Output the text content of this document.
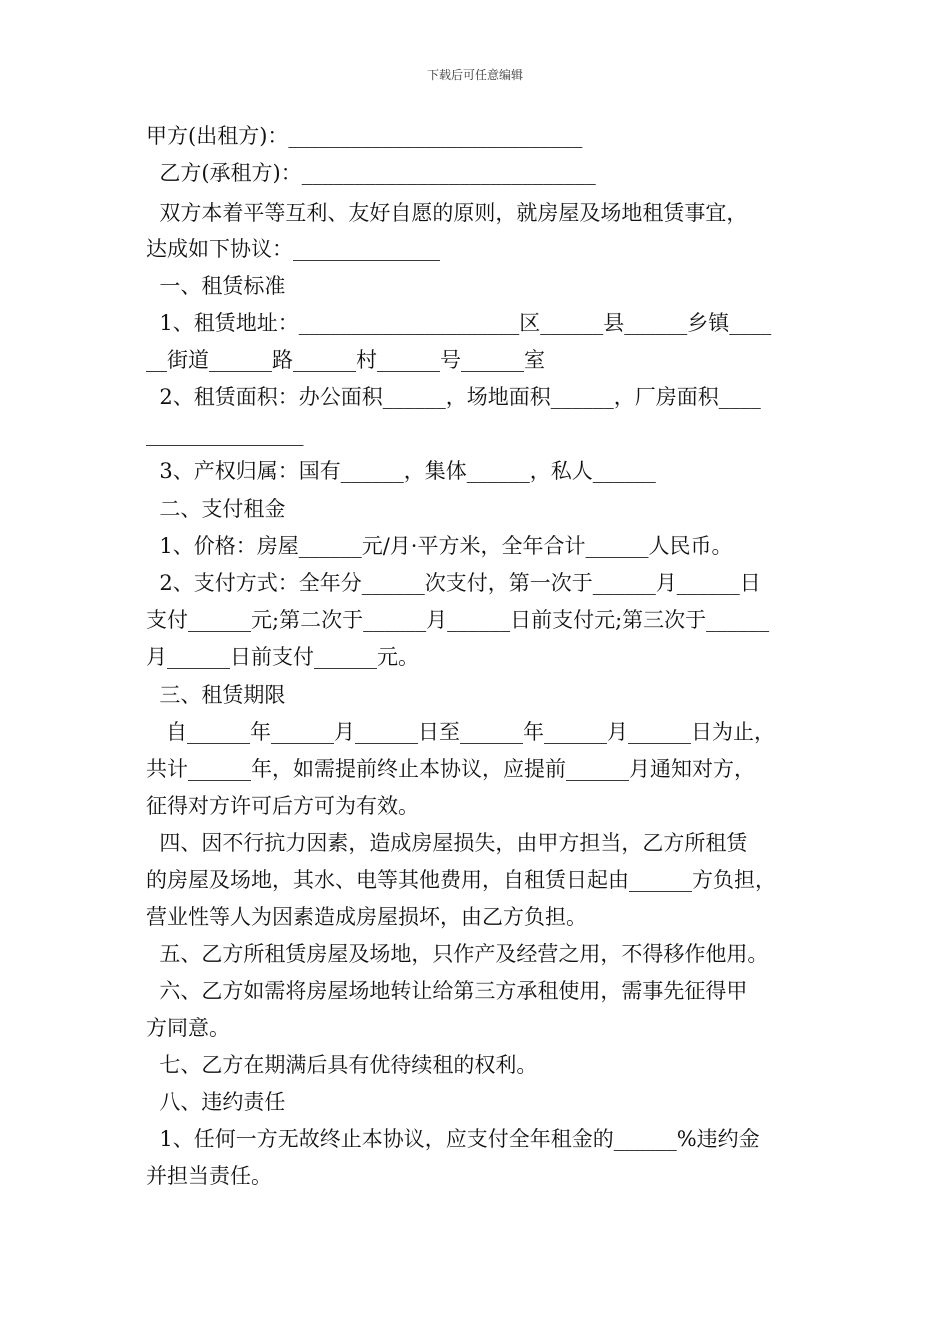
下载后可任意编辑
甲方(出租方)：____________________________
乙方(承租方)：____________________________
双方本着平等互利、友好自愿的原则，就房屋及场地租赁事宜，
达成如下协议：______________
一、租赁标准
1、租赁地址：_____________________区______县______乡镇____
__街道______路______村______号______室
2、租赁面积：办公面积______，场地面积______，厂房面积____
_______________
3、产权归属：国有______，集体______，私人______
二、支付租金
1、价格：房屋______元/月·平方米，全年合计______人民币。
2、支付方式：全年分______次支付，第一次于______月______日
支付______元;第二次于______月______日前支付元;第三次于______
月______日前支付______元。
三、租赁期限
自______年______月______日至______年______月______日为止，
共计______年，如需提前终止本协议，应提前______月通知对方，
征得对方许可后方可为有效。
四、因不行抗力因素，造成房屋损失，由甲方担当，乙方所租赁
的房屋及场地，其水、电等其他费用，自租赁日起由______方负担，
营业性等人为因素造成房屋损坏，由乙方负担。
五、乙方所租赁房屋及场地，只作产及经营之用，不得移作他用。
六、乙方如需将房屋场地转让给第三方承租使用，需事先征得甲
方同意。
七、乙方在期满后具有优待续租的权利。
八、违约责任
1、任何一方无故终止本协议，应支付全年租金的______%违约金
并担当责任。
